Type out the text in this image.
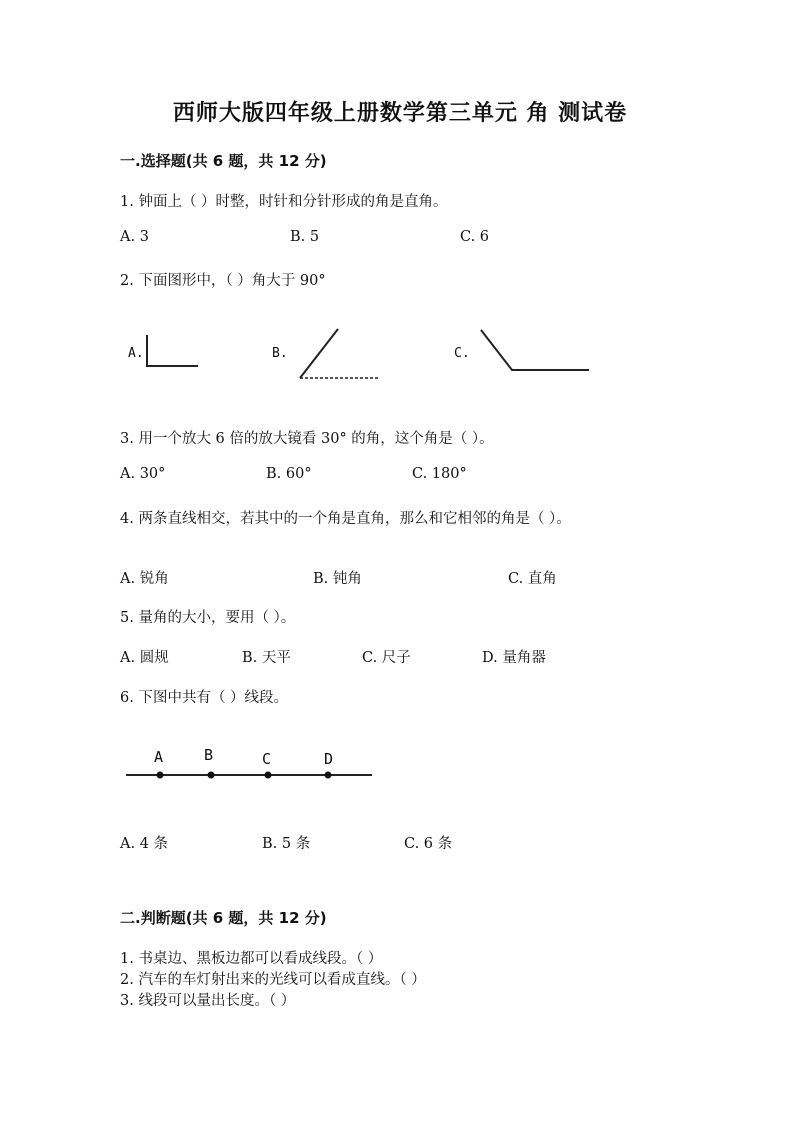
西师大版四年级上册数学第三单元 角 测试卷
一.选择题(共 6 题，共 12 分)
1. 钟面上（ ）时整，时针和分针形成的角是直角。
A. 3	B. 5	C. 6
2. 下面图形中，（ ）角大于 90°
A.	B.	C.
3. 用一个放大 6 倍的放大镜看 30° 的角，这个角是（ ）。
A. 30°	B. 60°	C. 180°
4. 两条直线相交，若其中的一个角是直角，那么和它相邻的角是（ ）。
A. 锐角	B. 钝角	C. 直角
5. 量角的大小，要用（ ）。
A. 圆规	B. 天平	C. 尺子	D. 量角器
6. 下图中共有（ ）线段。
A	B	C	D
A. 4 条	B. 5 条	C. 6 条
二.判断题(共 6 题，共 12 分)
1. 书桌边、黑板边都可以看成线段。（ ）
2. 汽车的车灯射出来的光线可以看成直线。（ ）
3. 线段可以量出长度。（ ）
